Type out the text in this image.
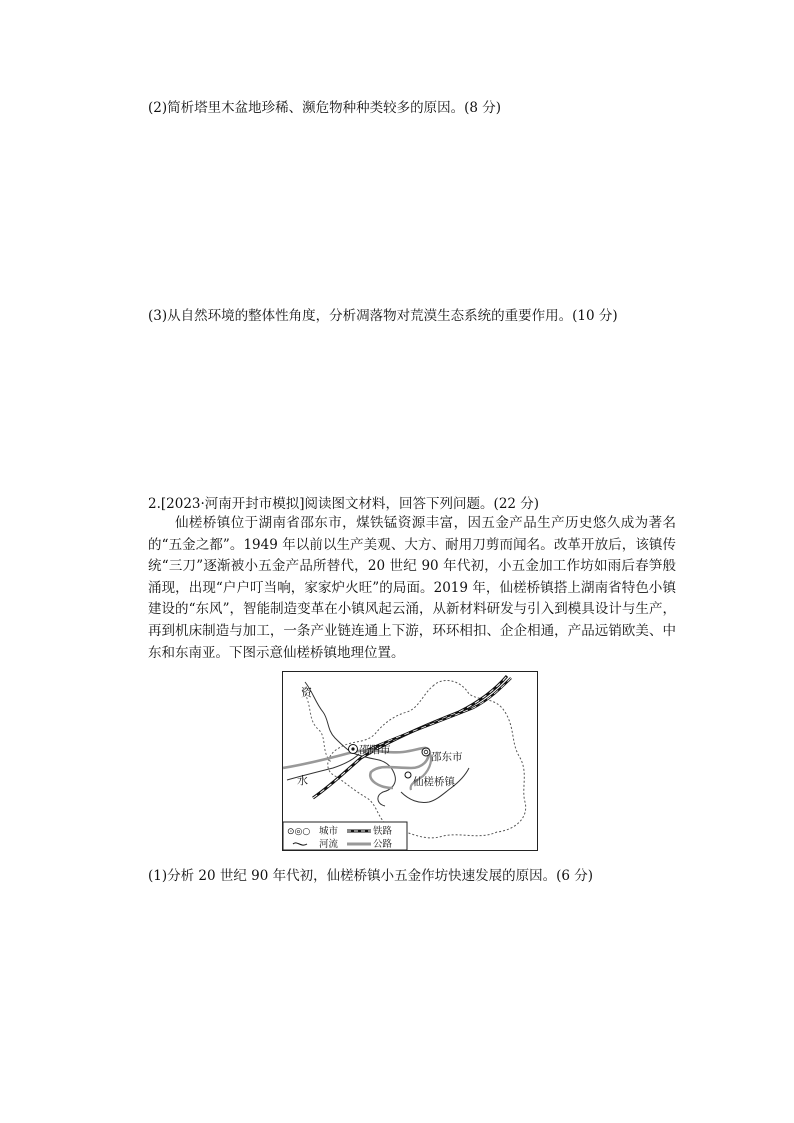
(2)简析塔里木盆地珍稀、濒危物种种类较多的原因。(8 分)
(3)从自然环境的整体性角度，分析凋落物对荒漠生态系统的重要作用。(10 分)
2.[2023·河南开封市模拟]阅读图文材料，回答下列问题。(22 分)
仙槎桥镇位于湖南省邵东市，煤铁锰资源丰富，因五金产品生产历史悠久成为著名的“五金之都”。1949 年以前以生产美观、大方、耐用刀剪而闻名。改革开放后，该镇传统“三刀”逐渐被小五金产品所替代，20 世纪 90 年代初，小五金加工作坊如雨后春笋般涌现，出现“户户叮当响，家家炉火旺”的局面。2019 年，仙槎桥镇搭上湖南省特色小镇建设的“东风”，智能制造变革在小镇风起云涌，从新材料研发与引入到模具设计与生产，再到机床制造与加工，一条产业链连通上下游，环环相扣、企企相通，产品远销欧美、中东和东南亚。下图示意仙槎桥镇地理位置。
资
水
邵阳市
邵东市
仙槎桥镇
⊙◎○ 城市	铁路
河流	公路
(1)分析 20 世纪 90 年代初，仙槎桥镇小五金作坊快速发展的原因。(6 分)
